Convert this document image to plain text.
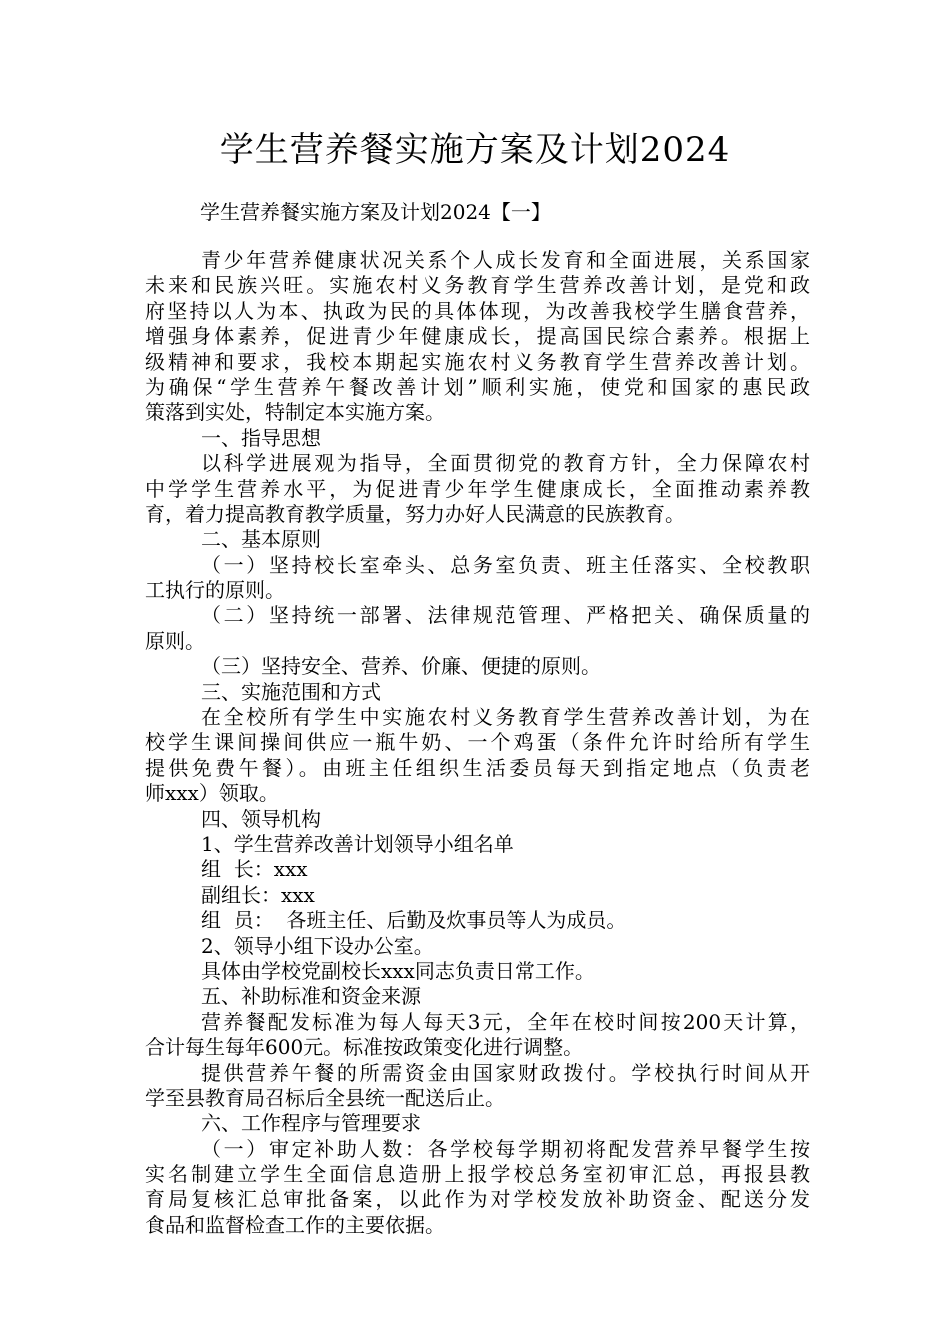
学生营养餐实施方案及计划2024
学生营养餐实施方案及计划2024【一】
青少年营养健康状况关系个人成长发育和全面进展，关系国家
未来和民族兴旺。实施农村义务教育学生营养改善计划，是党和政
府坚持以人为本、执政为民的具体体现，为改善我校学生膳食营养，
增强身体素养，促进青少年健康成长，提高国民综合素养。根据上
级精神和要求，我校本期起实施农村义务教育学生营养改善计划。
为确保“学生营养午餐改善计划”顺利实施，使党和国家的惠民政
策落到实处，特制定本实施方案。
一、指导思想
以科学进展观为指导，全面贯彻党的教育方针，全力保障农村
中学学生营养水平，为促进青少年学生健康成长，全面推动素养教
育，着力提高教育教学质量，努力办好人民满意的民族教育。
二、基本原则
（一）坚持校长室牵头、总务室负责、班主任落实、全校教职
工执行的原则。
（二）坚持统一部署、法律规范管理、严格把关、确保质量的
原则。
（三）坚持安全、营养、价廉、便捷的原则。
三、实施范围和方式
在全校所有学生中实施农村义务教育学生营养改善计划，为在
校学生课间操间供应一瓶牛奶、一个鸡蛋（条件允许时给所有学生
提供免费午餐）。由班主任组织生活委员每天到指定地点（负责老
师xxx）领取。
四、领导机构
1、学生营养改善计划领导小组名单
组  长：xxx
副组长：xxx
组  员：  各班主任、后勤及炊事员等人为成员。
2、领导小组下设办公室。
具体由学校党副校长xxx同志负责日常工作。
五、补助标准和资金来源
营养餐配发标准为每人每天3元，全年在校时间按200天计算，
合计每生每年600元。标准按政策变化进行调整。
提供营养午餐的所需资金由国家财政拨付。学校执行时间从开
学至县教育局召标后全县统一配送后止。
六、工作程序与管理要求
（一）审定补助人数：各学校每学期初将配发营养早餐学生按
实名制建立学生全面信息造册上报学校总务室初审汇总，再报县教
育局复核汇总审批备案，以此作为对学校发放补助资金、配送分发
食品和监督检查工作的主要依据。
